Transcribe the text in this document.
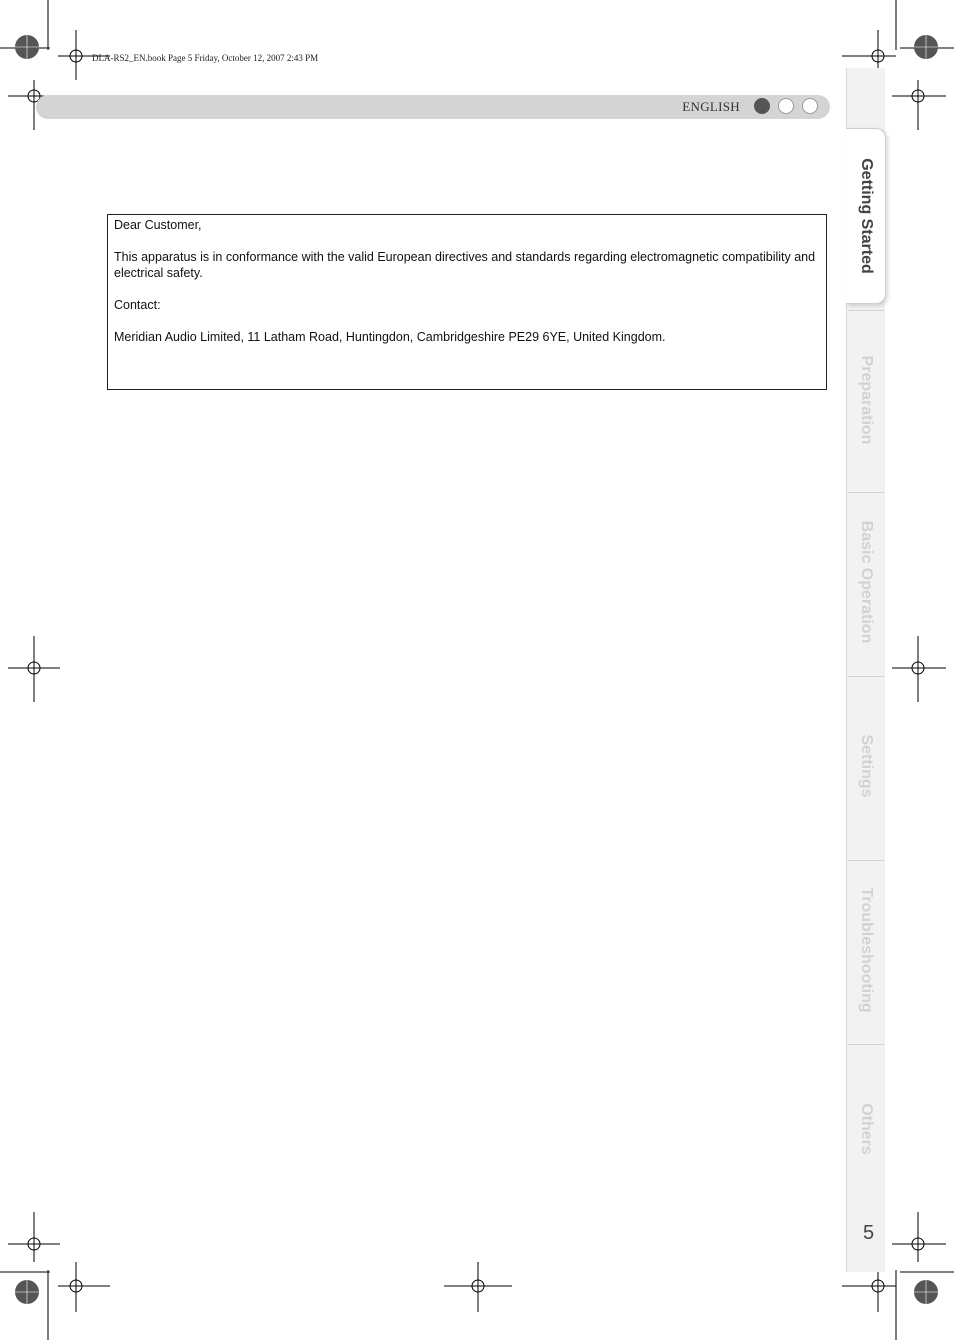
DLA-RS2_EN.book Page 5 Friday, October 12, 2007 2:43 PM
ENGLISH

Dear Customer,

This apparatus is in conformance with the valid European directives and standards regarding electromagnetic compatibility and electrical safety.

Contact:

Meridian Audio Limited, 11 Latham Road, Huntingdon, Cambridgeshire PE29 6YE, United Kingdom.

Getting Started
Preparation
Basic Operation
Settings
Troubleshooting
Others
5
